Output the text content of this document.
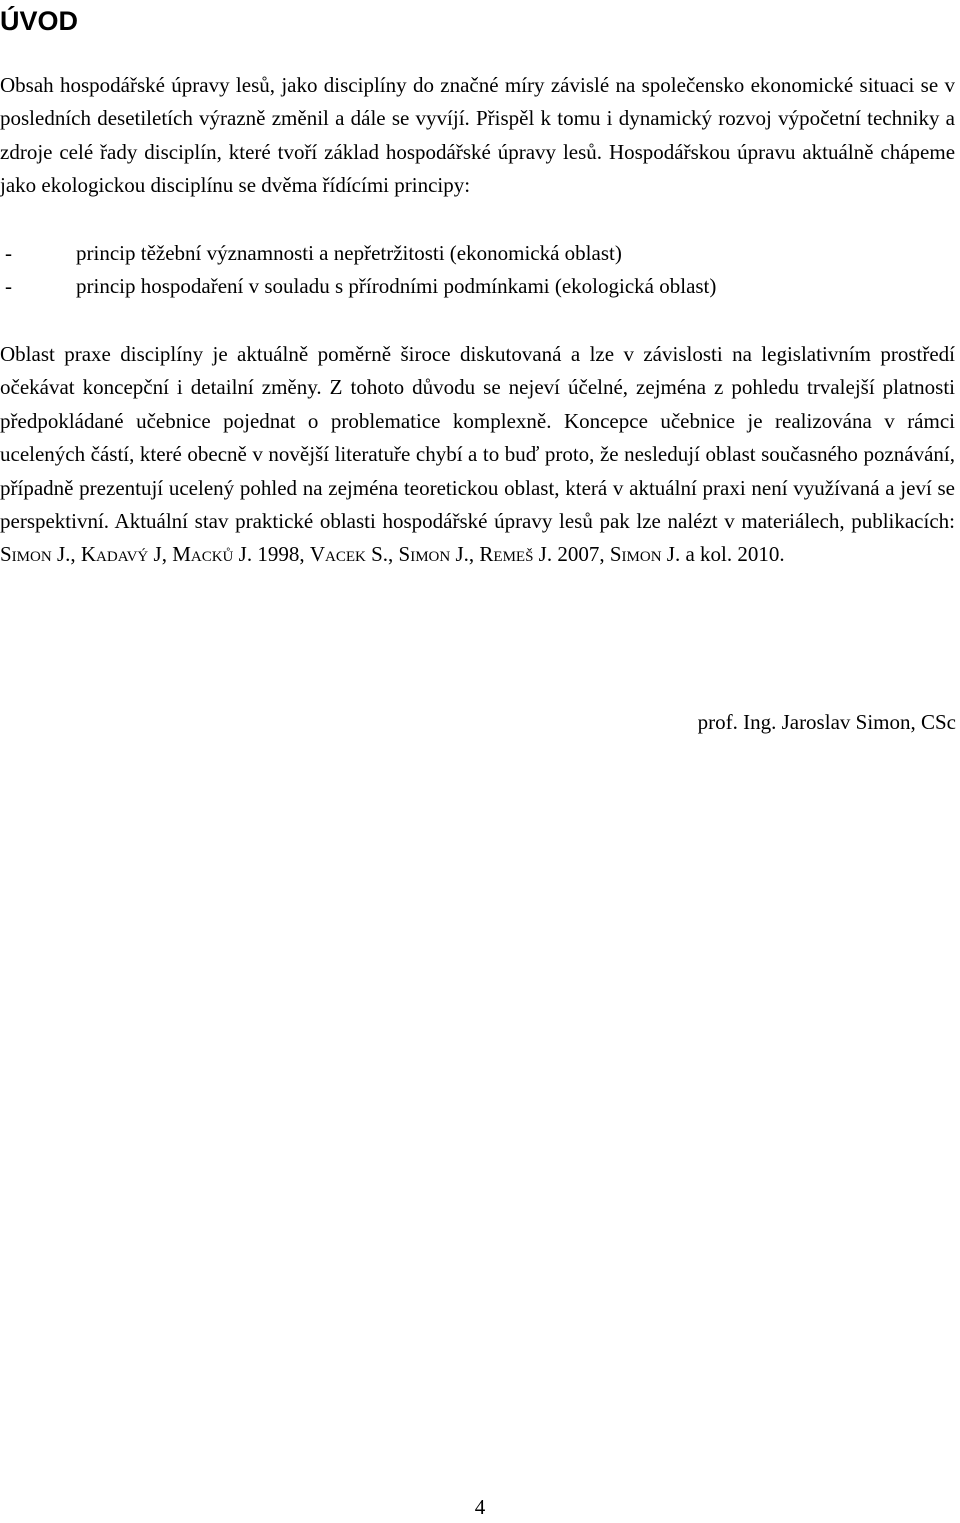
ÚVOD

Obsah hospodářské úpravy lesů, jako disciplíny do značné míry závislé na společensko ekonomické situaci se v posledních desetiletích výrazně změnil a dále se vyvíjí. Přispěl k tomu i dynamický rozvoj výpočetní techniky a zdroje celé řady disciplín, které tvoří základ hospodářské úpravy lesů. Hospodářskou úpravu aktuálně chápeme jako ekologickou disciplínu se dvěma řídícími principy:

-	princip těžební významnosti a nepřetržitosti (ekonomická oblast)
-	princip hospodaření v souladu s přírodními podmínkami (ekologická oblast)

Oblast praxe disciplíny je aktuálně poměrně široce diskutovaná a lze v závislosti na legislativním prostředí očekávat koncepční i detailní změny. Z tohoto důvodu se nejeví účelné, zejména z pohledu trvalejší platnosti předpokládané učebnice pojednat o problematice komplexně. Koncepce učebnice je realizována v rámci ucelených částí, které obecně v novější literatuře chybí a to buď proto, že nesledují oblast současného poznávání, případně prezentují ucelený pohled na zejména teoretickou oblast, která v aktuální praxi není využívaná a jeví se perspektivní. Aktuální stav praktické oblasti hospodářské úpravy lesů pak lze nalézt v materiálech, publikacích: Simon J., Kadavý J, Macků J. 1998, Vacek S., Simon J., Remeš J. 2007, Simon J. a kol. 2010.

prof. Ing. Jaroslav Simon, CSc

4
